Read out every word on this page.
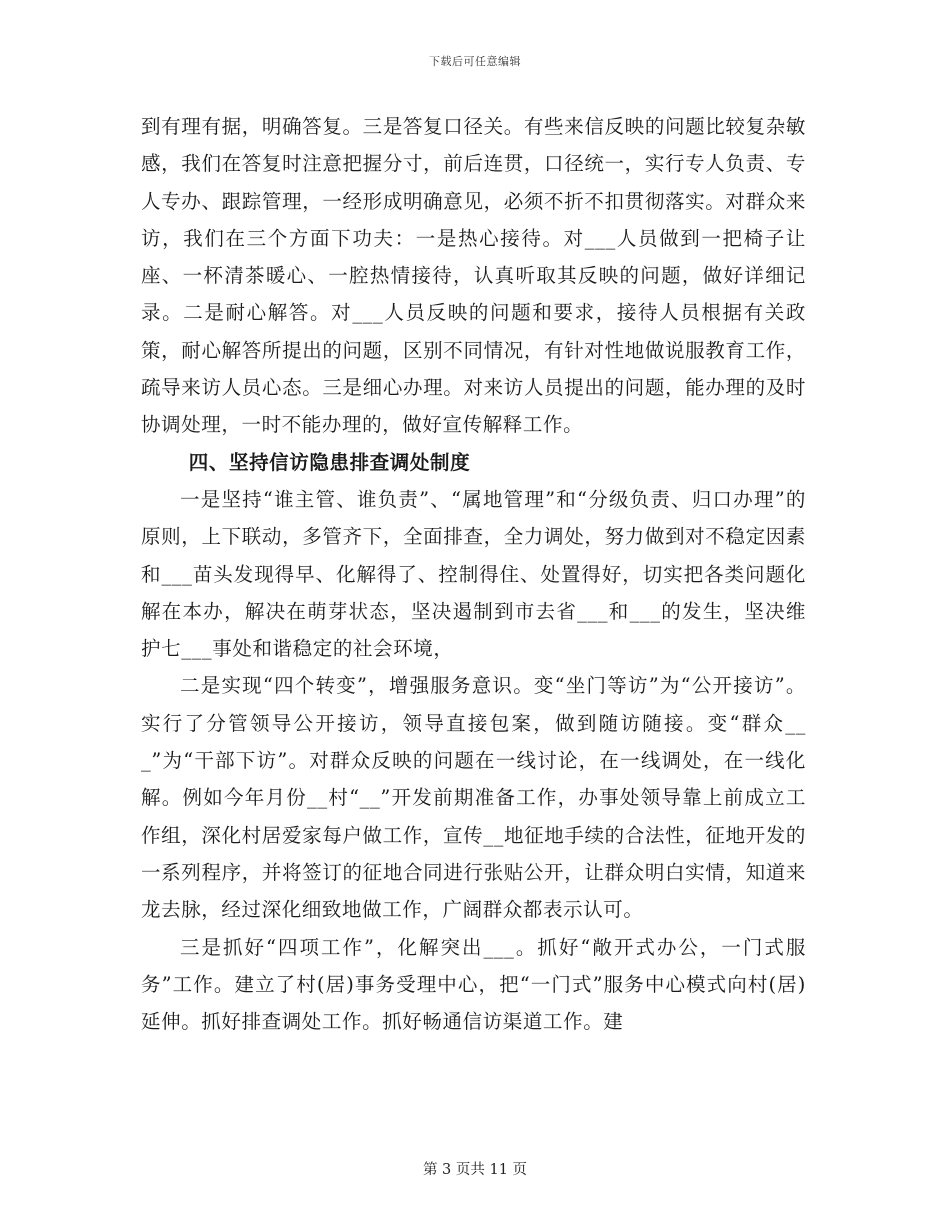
下载后可任意编辑

到有理有据，明确答复。三是答复口径关。有些来信反映的问题比较复杂敏感，我们在答复时注意把握分寸，前后连贯，口径统一，实行专人负责、专人专办、跟踪管理，一经形成明确意见，必须不折不扣贯彻落实。对群众来访，我们在三个方面下功夫：一是热心接待。对___人员做到一把椅子让座、一杯清茶暖心、一腔热情接待，认真听取其反映的问题，做好详细记录。二是耐心解答。对___人员反映的问题和要求，接待人员根据有关政策，耐心解答所提出的问题，区别不同情况，有针对性地做说服教育工作，疏导来访人员心态。三是细心办理。对来访人员提出的问题，能办理的及时协调处理，一时不能办理的，做好宣传解释工作。

四、坚持信访隐患排查调处制度

一是坚持“谁主管、谁负责”、“属地管理”和“分级负责、归口办理”的原则，上下联动，多管齐下，全面排查，全力调处，努力做到对不稳定因素和___苗头发现得早、化解得了、控制得住、处置得好，切实把各类问题化解在本办，解决在萌芽状态，坚决遏制到市去省___和___的发生，坚决维护七___事处和谐稳定的社会环境，

二是实现“四个转变”，增强服务意识。变“坐门等访”为“公开接访”。实行了分管领导公开接访，领导直接包案，做到随访随接。变“群众___”为“干部下访”。对群众反映的问题在一线讨论，在一线调处，在一线化解。例如今年月份__村“__”开发前期准备工作，办事处领导靠上前成立工作组，深化村居爱家每户做工作，宣传__地征地手续的合法性，征地开发的一系列程序，并将签订的征地合同进行张贴公开，让群众明白实情，知道来龙去脉，经过深化细致地做工作，广阔群众都表示认可。

三是抓好“四项工作”，化解突出___。抓好“敞开式办公，一门式服务”工作。建立了村(居)事务受理中心，把“一门式”服务中心模式向村(居)延伸。抓好排查调处工作。抓好畅通信访渠道工作。建

第 3 页共 11 页
